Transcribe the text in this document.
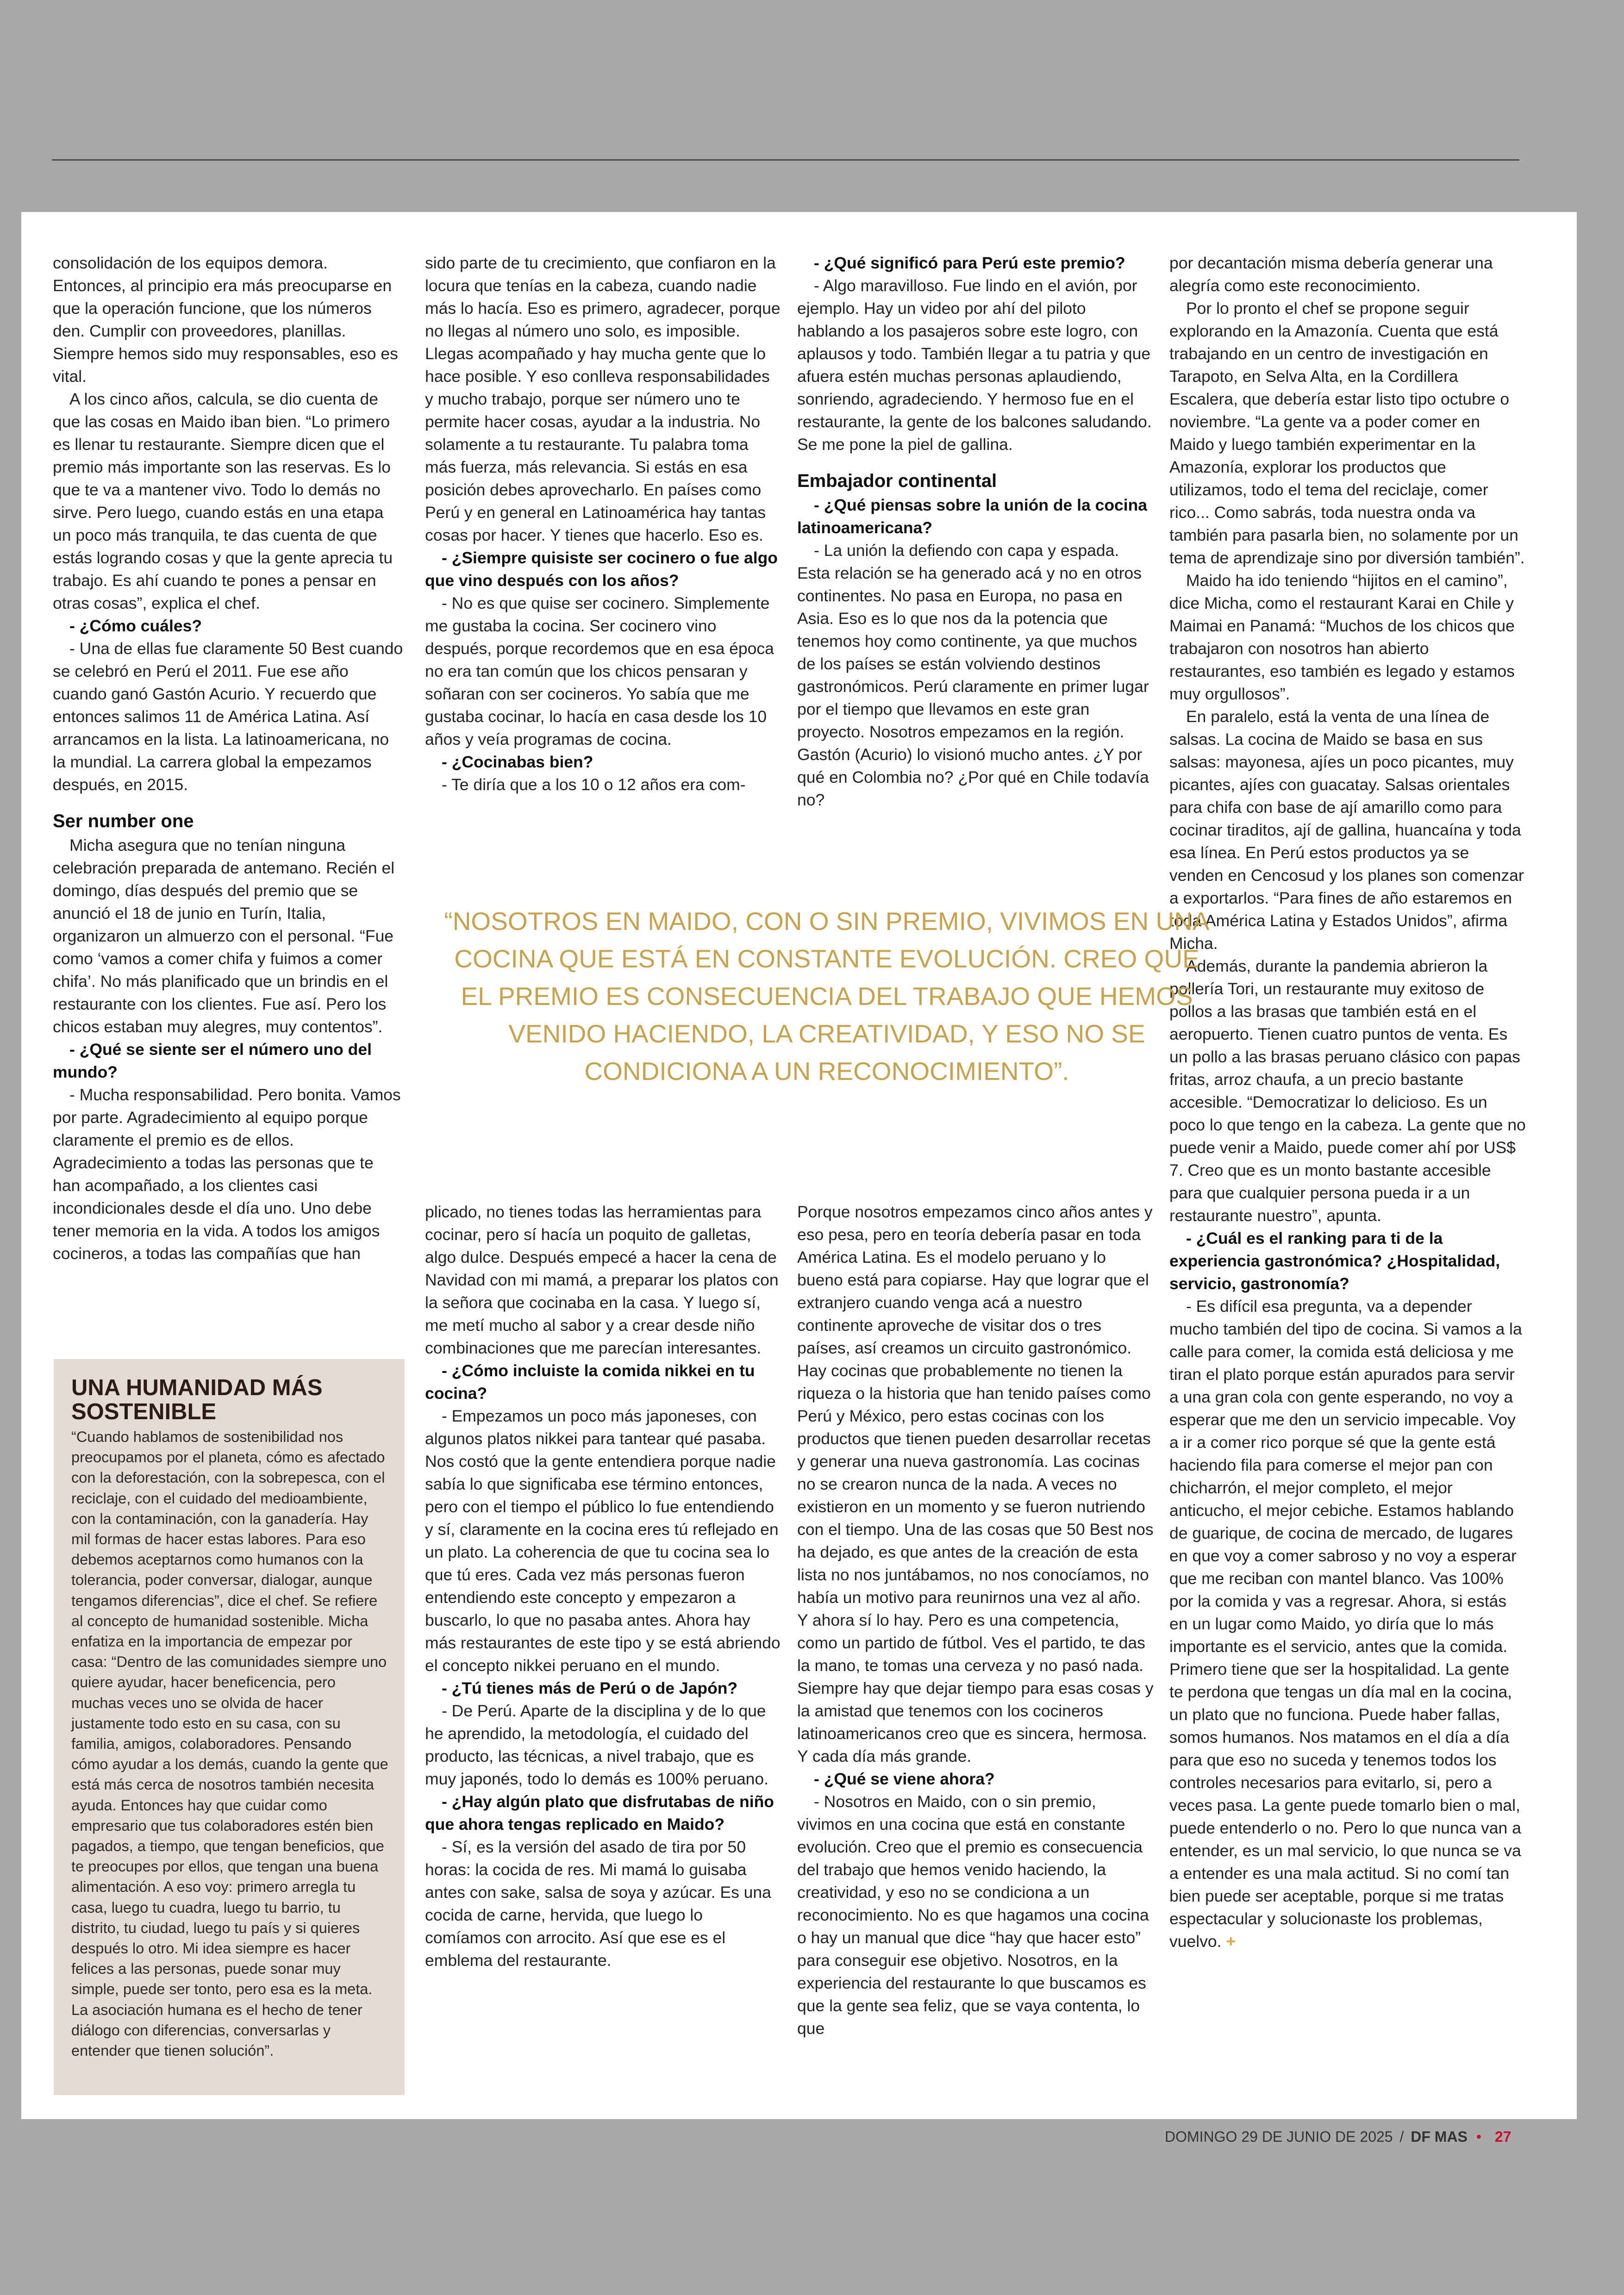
consolidación de los equipos demora. Entonces, al principio era más preocuparse en que la operación funcione, que los números den. Cumplir con proveedores, planillas. Siempre hemos sido muy responsables, eso es vital.

A los cinco años, calcula, se dio cuenta de que las cosas en Maido iban bien. “Lo primero es llenar tu restaurante. Siempre dicen que el premio más importante son las reservas. Es lo que te va a mantener vivo. Todo lo demás no sirve. Pero luego, cuando estás en una etapa un poco más tranquila, te das cuenta de que estás logrando cosas y que la gente aprecia tu trabajo. Es ahí cuando te pones a pensar en otras cosas”, explica el chef.

- ¿Cómo cuáles?

- Una de ellas fue claramente 50 Best cuando se celebró en Perú el 2011. Fue ese año cuando ganó Gastón Acurio. Y recuerdo que entonces salimos 11 de América Latina. Así arrancamos en la lista. La latinoamericana, no la mundial. La carrera global la empezamos después, en 2015.

Ser number one

Micha asegura que no tenían ninguna celebración preparada de antemano. Recién el domingo, días después del premio que se anunció el 18 de junio en Turín, Italia, organizaron un almuerzo con el personal. “Fue como ‘vamos a comer chifa y fuimos a comer chifa’. No más planificado que un brindis en el restaurante con los clientes. Fue así. Pero los chicos estaban muy alegres, muy contentos”.

- ¿Qué se siente ser el número uno del mundo?

- Mucha responsabilidad. Pero bonita. Vamos por parte. Agradecimiento al equipo porque claramente el premio es de ellos. Agradecimiento a todas las personas que te han acompañado, a los clientes casi incondicionales desde el día uno. Uno debe tener memoria en la vida. A todos los amigos cocineros, a todas las compañías que han

sido parte de tu crecimiento, que confiaron en la locura que tenías en la cabeza, cuando nadie más lo hacía. Eso es primero, agradecer, porque no llegas al número uno solo, es imposible. Llegas acompañado y hay mucha gente que lo hace posible. Y eso conlleva responsabilidades y mucho trabajo, porque ser número uno te permite hacer cosas, ayudar a la industria. No solamente a tu restaurante. Tu palabra toma más fuerza, más relevancia. Si estás en esa posición debes aprovecharlo. En países como Perú y en general en Latinoamérica hay tantas cosas por hacer. Y tienes que hacerlo. Eso es.

- ¿Siempre quisiste ser cocinero o fue algo que vino después con los años?

- No es que quise ser cocinero. Simplemente me gustaba la cocina. Ser cocinero vino después, porque recordemos que en esa época no era tan común que los chicos pensaran y soñaran con ser cocineros. Yo sabía que me gustaba cocinar, lo hacía en casa desde los 10 años y veía programas de cocina.

- ¿Cocinabas bien?

- Te diría que a los 10 o 12 años era com-

- ¿Qué significó para Perú este premio?

- Algo maravilloso. Fue lindo en el avión, por ejemplo. Hay un video por ahí del piloto hablando a los pasajeros sobre este logro, con aplausos y todo. También llegar a tu patria y que afuera estén muchas personas aplaudiendo, sonriendo, agradeciendo. Y hermoso fue en el restaurante, la gente de los balcones saludando. Se me pone la piel de gallina.

Embajador continental

- ¿Qué piensas sobre la unión de la cocina latinoamericana?

- La unión la defiendo con capa y espada. Esta relación se ha generado acá y no en otros continentes. No pasa en Europa, no pasa en Asia. Eso es lo que nos da la potencia que tenemos hoy como continente, ya que muchos de los países se están volviendo destinos gastronómicos. Perú claramente en primer lugar por el tiempo que llevamos en este gran proyecto. Nosotros empezamos en la región. Gastón (Acurio) lo visionó mucho antes. ¿Y por qué en Colombia no? ¿Por qué en Chile todavía no?

por decantación misma debería generar una alegría como este reconocimiento.

Por lo pronto el chef se propone seguir explorando en la Amazonía. Cuenta que está trabajando en un centro de investigación en Tarapoto, en Selva Alta, en la Cordillera Escalera, que debería estar listo tipo octubre o noviembre. “La gente va a poder comer en Maido y luego también experimentar en la Amazonía, explorar los productos que utilizamos, todo el tema del reciclaje, comer rico... Como sabrás, toda nuestra onda va también para pasarla bien, no solamente por un tema de aprendizaje sino por diversión también”.

Maido ha ido teniendo “hijitos en el camino”, dice Micha, como el restaurant Karai en Chile y Maimai en Panamá: “Muchos de los chicos que trabajaron con nosotros han abierto restaurantes, eso también es legado y estamos muy orgullosos”.

En paralelo, está la venta de una línea de salsas. La cocina de Maido se basa en sus salsas: mayonesa, ajíes un poco picantes, muy picantes, ajíes con guacatay. Salsas orientales para chifa con base de ají amarillo como para cocinar tiraditos, ají de gallina, huancaína y toda esa línea. En Perú estos productos ya se venden en Cencosud y los planes son comenzar a exportarlos. “Para fines de año estaremos en toda América Latina y Estados Unidos”, afirma Micha.

Además, durante la pandemia abrieron la pollería Tori, un restaurante muy exitoso de pollos a las brasas que también está en el aeropuerto. Tienen cuatro puntos de venta. Es un pollo a las brasas peruano clásico con papas fritas, arroz chaufa, a un precio bastante accesible. “Democratizar lo delicioso. Es un poco lo que tengo en la cabeza. La gente que no puede venir a Maido, puede comer ahí por US$ 7. Creo que es un monto bastante accesible para que cualquier persona pueda ir a un restaurante nuestro”, apunta.

- ¿Cuál es el ranking para ti de la experiencia gastronómica? ¿Hospitalidad, servicio, gastronomía?

- Es difícil esa pregunta, va a depender mucho también del tipo de cocina. Si vamos a la calle para comer, la comida está deliciosa y me tiran el plato porque están apurados para servir a una gran cola con gente esperando, no voy a esperar que me den un servicio impecable. Voy a ir a comer rico porque sé que la gente está haciendo fila para comerse el mejor pan con chicharrón, el mejor completo, el mejor anticucho, el mejor cebiche. Estamos hablando de guarique, de cocina de mercado, de lugares en que voy a comer sabroso y no voy a esperar que me reciban con mantel blanco. Vas 100% por la comida y vas a regresar. Ahora, si estás en un lugar como Maido, yo diría que lo más importante es el servicio, antes que la comida. Primero tiene que ser la hospitalidad. La gente te perdona que tengas un día mal en la cocina, un plato que no funciona. Puede haber fallas, somos humanos. Nos matamos en el día a día para que eso no suceda y tenemos todos los controles necesarios para evitarlo, si, pero a veces pasa. La gente puede tomarlo bien o mal, puede entenderlo o no. Pero lo que nunca van a entender, es un mal servicio, lo que nunca se va a entender es una mala actitud. Si no comí tan bien puede ser aceptable, porque si me tratas espectacular y solucionaste los problemas, vuelvo. +

“NOSOTROS EN MAIDO, CON O SIN PREMIO, VIVIMOS EN UNA COCINA QUE ESTÁ EN CONSTANTE EVOLUCIÓN. CREO QUE EL PREMIO ES CONSECUENCIA DEL TRABAJO QUE HEMOS VENIDO HACIENDO, LA CREATIVIDAD, Y ESO NO SE CONDICIONA A UN RECONOCIMIENTO”.

plicado, no tienes todas las herramientas para cocinar, pero sí hacía un poquito de galletas, algo dulce. Después empecé a hacer la cena de Navidad con mi mamá, a preparar los platos con la señora que cocinaba en la casa. Y luego sí, me metí mucho al sabor y a crear desde niño combinaciones que me parecían interesantes.

- ¿Cómo incluiste la comida nikkei en tu cocina?

- Empezamos un poco más japoneses, con algunos platos nikkei para tantear qué pasaba. Nos costó que la gente entendiera porque nadie sabía lo que significaba ese término entonces, pero con el tiempo el público lo fue entendiendo y sí, claramente en la cocina eres tú reflejado en un plato. La coherencia de que tu cocina sea lo que tú eres. Cada vez más personas fueron entendiendo este concepto y empezaron a buscarlo, lo que no pasaba antes. Ahora hay más restaurantes de este tipo y se está abriendo el concepto nikkei peruano en el mundo.

- ¿Tú tienes más de Perú o de Japón?

- De Perú. Aparte de la disciplina y de lo que he aprendido, la metodología, el cuidado del producto, las técnicas, a nivel trabajo, que es muy japonés, todo lo demás es 100% peruano.

- ¿Hay algún plato que disfrutabas de niño que ahora tengas replicado en Maido?

- Sí, es la versión del asado de tira por 50 horas: la cocida de res. Mi mamá lo guisaba antes con sake, salsa de soya y azúcar. Es una cocida de carne, hervida, que luego lo comíamos con arrocito. Así que ese es el emblema del restaurante.

Porque nosotros empezamos cinco años antes y eso pesa, pero en teoría debería pasar en toda América Latina. Es el modelo peruano y lo bueno está para copiarse. Hay que lograr que el extranjero cuando venga acá a nuestro continente aproveche de visitar dos o tres países, así creamos un circuito gastronómico. Hay cocinas que probablemente no tienen la riqueza o la historia que han tenido países como Perú y México, pero estas cocinas con los productos que tienen pueden desarrollar recetas y generar una nueva gastronomía. Las cocinas no se crearon nunca de la nada. A veces no existieron en un momento y se fueron nutriendo con el tiempo. Una de las cosas que 50 Best nos ha dejado, es que antes de la creación de esta lista no nos juntábamos, no nos conocíamos, no había un motivo para reunirnos una vez al año. Y ahora sí lo hay. Pero es una competencia, como un partido de fútbol. Ves el partido, te das la mano, te tomas una cerveza y no pasó nada. Siempre hay que dejar tiempo para esas cosas y la amistad que tenemos con los cocineros latinoamericanos creo que es sincera, hermosa. Y cada día más grande.

- ¿Qué se viene ahora?

- Nosotros en Maido, con o sin premio, vivimos en una cocina que está en constante evolución. Creo que el premio es consecuencia del trabajo que hemos venido haciendo, la creatividad, y eso no se condiciona a un reconocimiento. No es que hagamos una cocina o hay un manual que dice “hay que hacer esto” para conseguir ese objetivo. Nosotros, en la experiencia del restaurante lo que buscamos es que la gente sea feliz, que se vaya contenta, lo que

UNA HUMANIDAD MÁS SOSTENIBLE

“Cuando hablamos de sostenibilidad nos preocupamos por el planeta, cómo es afectado con la deforestación, con la sobrepesca, con el reciclaje, con el cuidado del medioambiente, con la contaminación, con la ganadería. Hay mil formas de hacer estas labores. Para eso debemos aceptarnos como humanos con la tolerancia, poder conversar, dialogar, aunque tengamos diferencias”, dice el chef. Se refiere al concepto de humanidad sostenible. Micha enfatiza en la importancia de empezar por casa: “Dentro de las comunidades siempre uno quiere ayudar, hacer beneficencia, pero muchas veces uno se olvida de hacer justamente todo esto en su casa, con su familia, amigos, colaboradores. Pensando cómo ayudar a los demás, cuando la gente que está más cerca de nosotros también necesita ayuda. Entonces hay que cuidar como empresario que tus colaboradores estén bien pagados, a tiempo, que tengan beneficios, que te preocupes por ellos, que tengan una buena alimentación. A eso voy: primero arregla tu casa, luego tu cuadra, luego tu barrio, tu distrito, tu ciudad, luego tu país y si quieres después lo otro. Mi idea siempre es hacer felices a las personas, puede sonar muy simple, puede ser tonto, pero esa es la meta. La asociación humana es el hecho de tener diálogo con diferencias, conversarlas y entender que tienen solución”.

DOMINGO 29 DE JUNIO DE 2025 / DF MAS • 27
